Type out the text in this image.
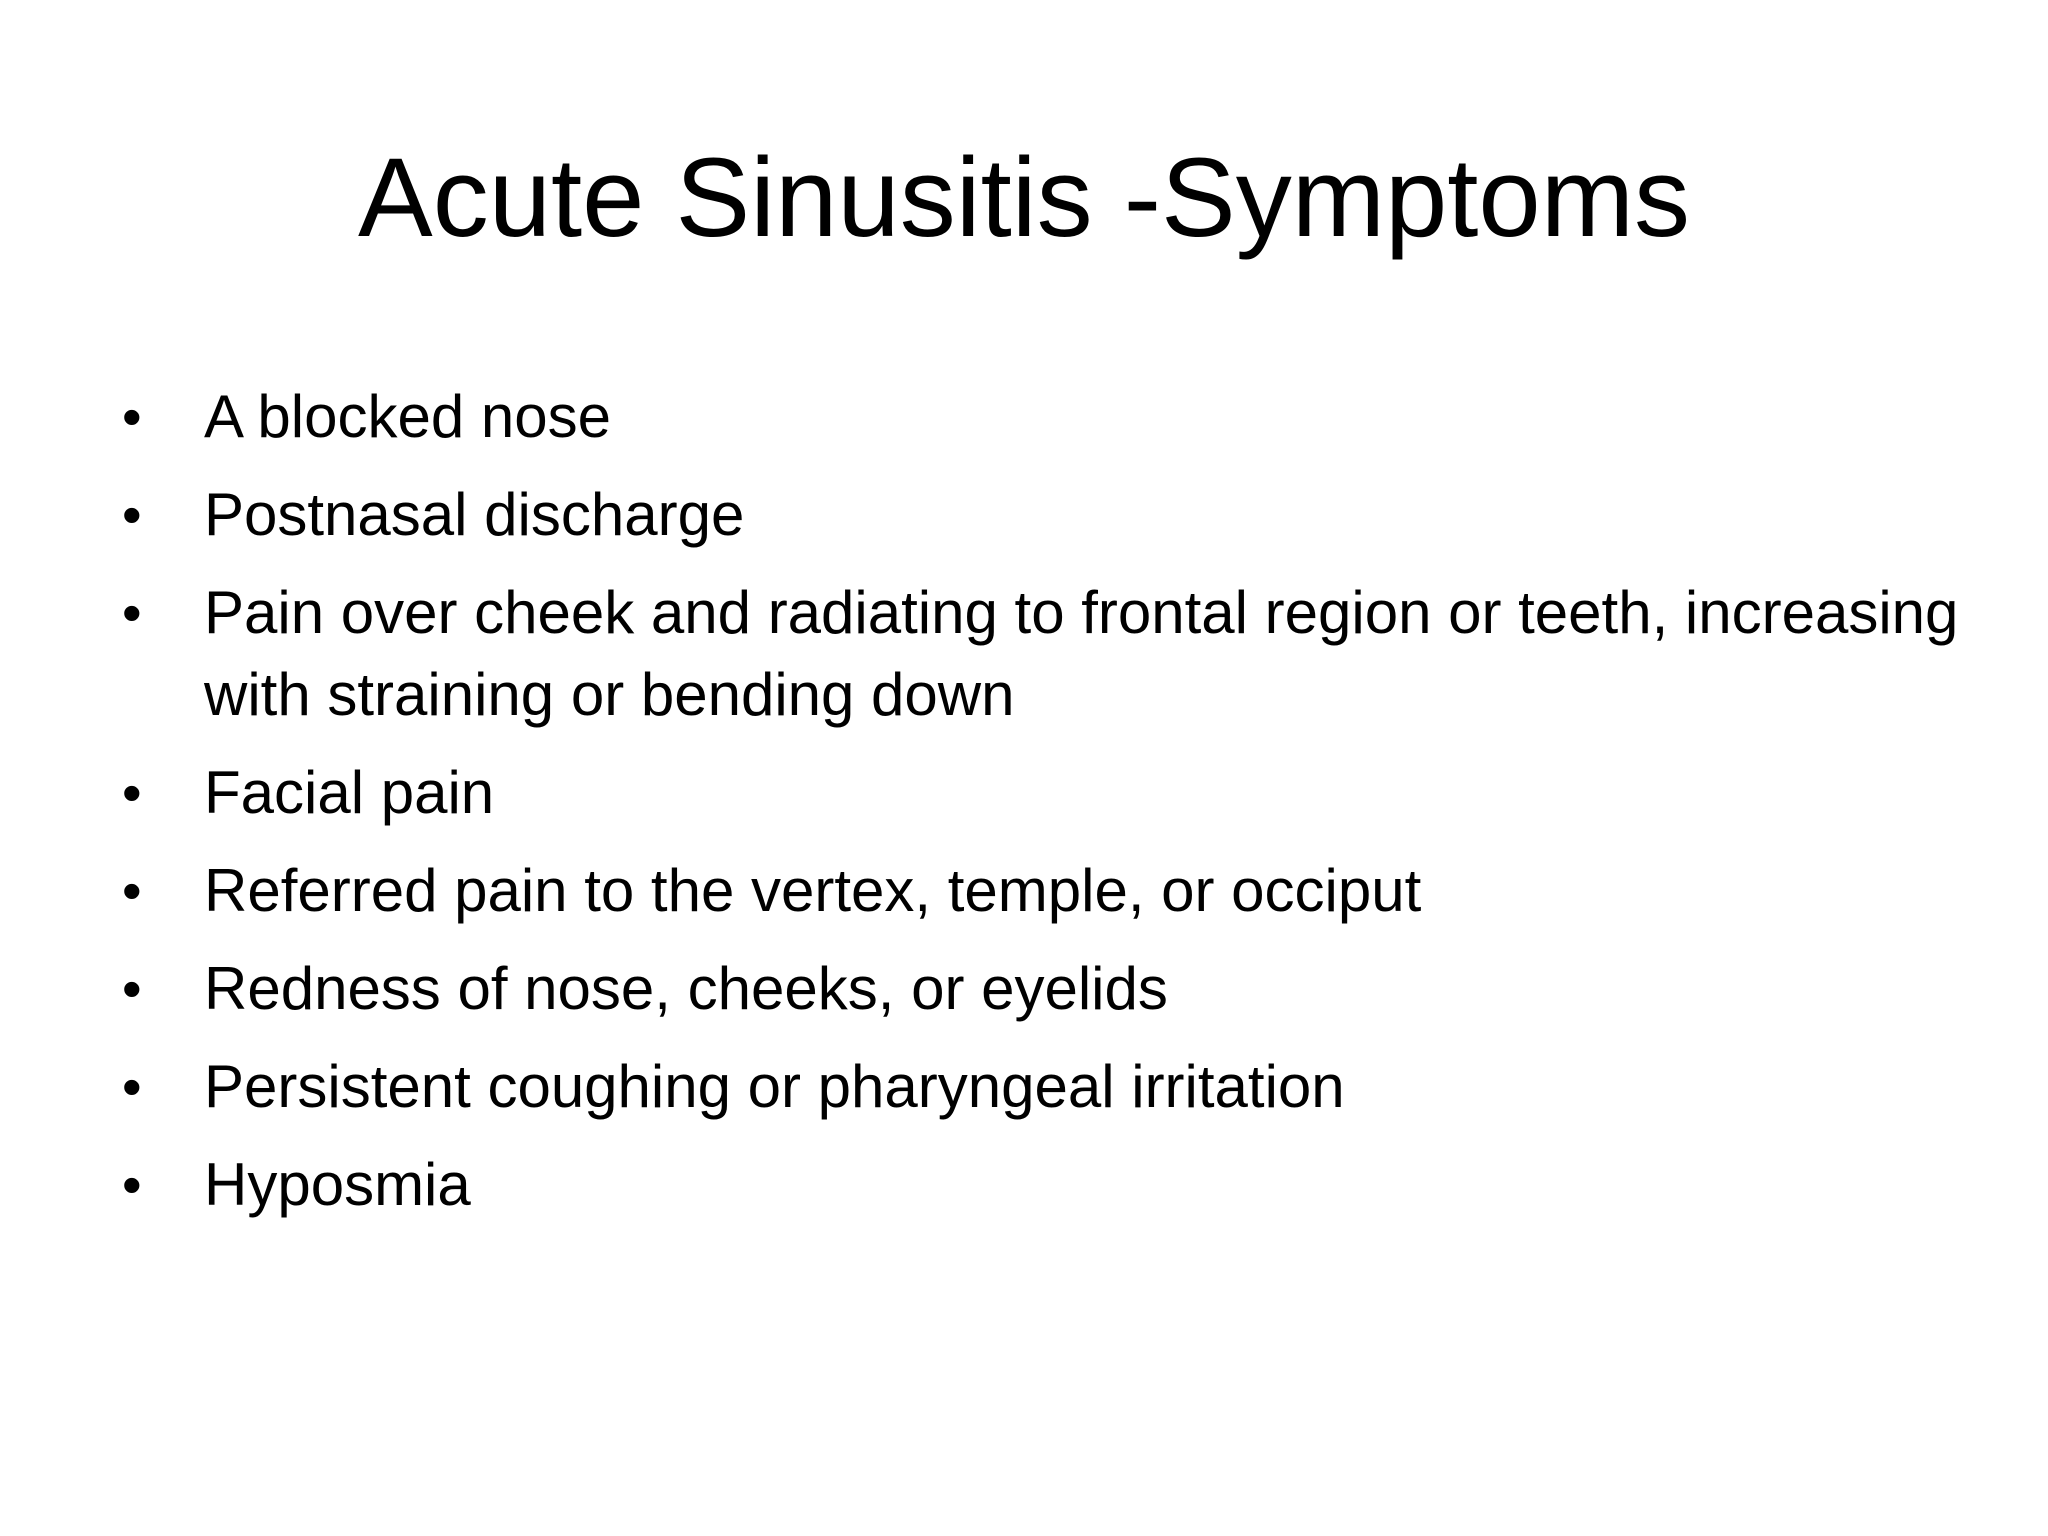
Acute Sinusitis -Symptoms
•	A blocked nose
•	Postnasal discharge
•	Pain over cheek and radiating to frontal region or teeth, increasing with straining or bending down
•	Facial pain
•	Referred pain to the vertex, temple, or occiput
•	Redness of nose, cheeks, or eyelids
•	Persistent coughing or pharyngeal irritation
•	Hyposmia
